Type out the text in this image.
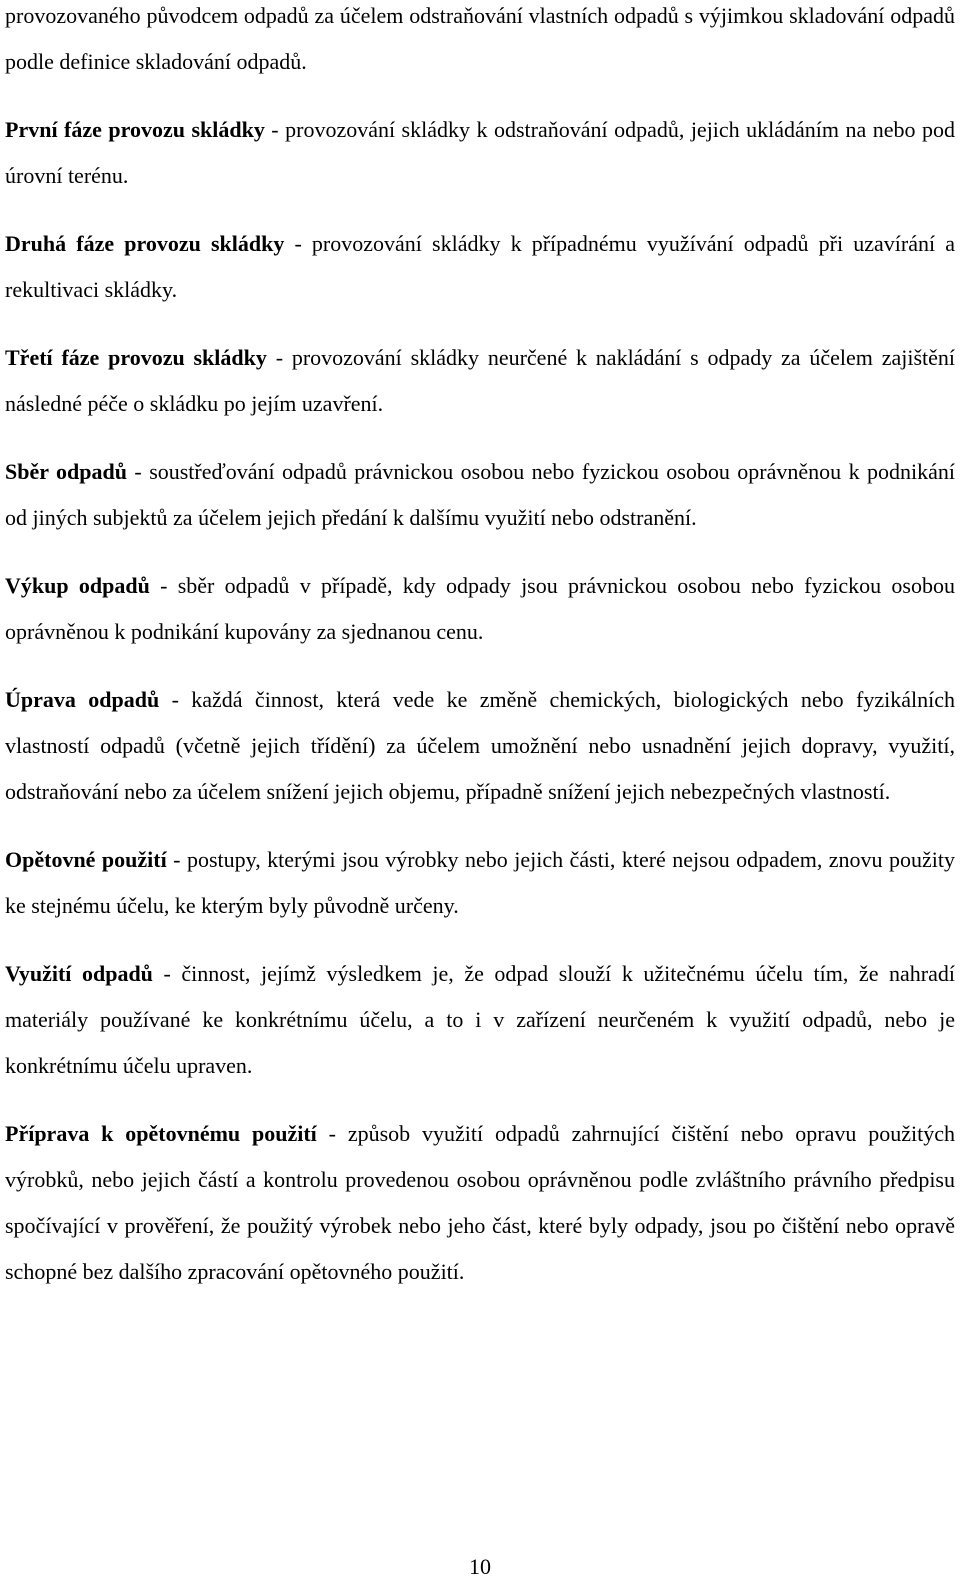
provozovaného původcem odpadů za účelem odstraňování vlastních odpadů s výjimkou skladování odpadů podle definice skladování odpadů.

První fáze provozu skládky - provozování skládky k odstraňování odpadů, jejich ukládáním na nebo pod úrovní terénu.

Druhá fáze provozu skládky - provozování skládky k případnému využívání odpadů při uzavírání a rekultivaci skládky.

Třetí fáze provozu skládky - provozování skládky neurčené k nakládání s odpady za účelem zajištění následné péče o skládku po jejím uzavření.

Sběr odpadů - soustřeďování odpadů právnickou osobou nebo fyzickou osobou oprávněnou k podnikání od jiných subjektů za účelem jejich předání k dalšímu využití nebo odstranění.

Výkup odpadů - sběr odpadů v případě, kdy odpady jsou právnickou osobou nebo fyzickou osobou oprávněnou k podnikání kupovány za sjednanou cenu.

Úprava odpadů - každá činnost, která vede ke změně chemických, biologických nebo fyzikálních vlastností odpadů (včetně jejich třídění) za účelem umožnění nebo usnadnění jejich dopravy, využití, odstraňování nebo za účelem snížení jejich objemu, případně snížení jejich nebezpečných vlastností.

Opětovné použití - postupy, kterými jsou výrobky nebo jejich části, které nejsou odpadem, znovu použity ke stejnému účelu, ke kterým byly původně určeny.

Využití odpadů - činnost, jejímž výsledkem je, že odpad slouží k užitečnému účelu tím, že nahradí materiály používané ke konkrétnímu účelu, a to i v zařízení neurčeném k využití odpadů, nebo je konkrétnímu účelu upraven.

Příprava k opětovnému použití - způsob využití odpadů zahrnující čištění nebo opravu použitých výrobků, nebo jejich částí a kontrolu provedenou osobou oprávněnou podle zvláštního právního předpisu spočívající v prověření, že použitý výrobek nebo jeho část, které byly odpady, jsou po čištění nebo opravě schopné bez dalšího zpracování opětovného použití.

10
